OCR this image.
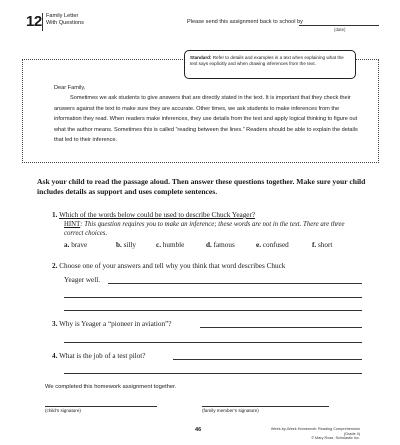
12 Family Letter
With Questions	Please send this assignment back to school by
(date)
Standard: Refer to details and examples in a text when explaining what the text says explicitly and when drawing inferences from the text.
Dear Family,

Sometimes we ask students to give answers that are directly stated in the text. It is important that they check their answers against the text to make sure they are accurate. Other times, we ask students to make inferences from the information they read. When readers make inferences, they use details from the text and apply logical thinking to figure out what the author means. Sometimes this is called “reading between the lines.” Readers should be able to explain the details that led to their inference.

Ask your child to read the passage aloud. Then answer these questions together. Make sure your child includes details as support and uses complete sentences.
1. Which of the words below could be used to describe Chuck Yeager?
HINT: This question requires you to make an inference; these words are not in the text. There are three correct choices.
a. brave	b. silly	c. humble	d. famous	e. confused	f. short
2. Choose one of your answers and tell why you think that word describes Chuck
Yeager well.
3. Why is Yeager a “pioneer in aviation”?
4. What is the job of a test pilot?
We completed this homework assignment together.
(child’s signature)	(family member’s signature)
46	Week-by-Week Homework: Reading Comprehension (Grade 4)
© Mary Rose, Scholastic Inc.
